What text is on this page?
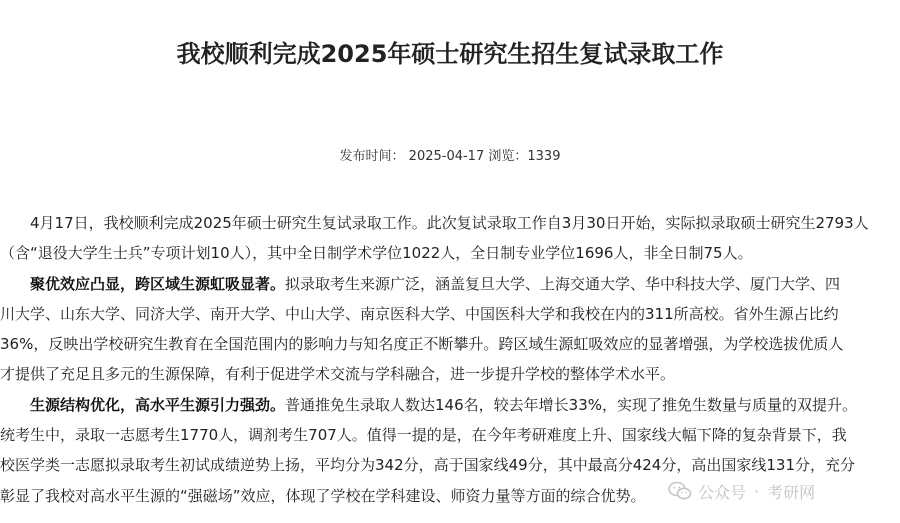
我校顺利完成2025年硕士研究生招生复试录取工作
发布时间： 2025-04-17 浏览：1339
4月17日，我校顺利完成2025年硕士研究生复试录取工作。此次复试录取工作自3月30日开始，实际拟录取硕士研究生2793人
（含“退役大学生士兵”专项计划10人），其中全日制学术学位1022人，全日制专业学位1696人，非全日制75人。
聚优效应凸显，跨区域生源虹吸显著。拟录取考生来源广泛，涵盖复旦大学、上海交通大学、华中科技大学、厦门大学、四
川大学、山东大学、同济大学、南开大学、中山大学、南京医科大学、中国医科大学和我校在内的311所高校。省外生源占比约
36%，反映出学校研究生教育在全国范围内的影响力与知名度正不断攀升。跨区域生源虹吸效应的显著增强，为学校选拔优质人
才提供了充足且多元的生源保障，有利于促进学术交流与学科融合，进一步提升学校的整体学术水平。
生源结构优化，高水平生源引力强劲。普通推免生录取人数达146名，较去年增长33%，实现了推免生数量与质量的双提升。
统考生中，录取一志愿考生1770人，调剂考生707人。值得一提的是，在今年考研难度上升、国家线大幅下降的复杂背景下，我
校医学类一志愿拟录取考生初试成绩逆势上扬，平均分为342分，高于国家线49分，其中最高分424分，高出国家线131分，充分
彰显了我校对高水平生源的“强磁场”效应，体现了学校在学科建设、师资力量等方面的综合优势。	公众号 · 考研网
